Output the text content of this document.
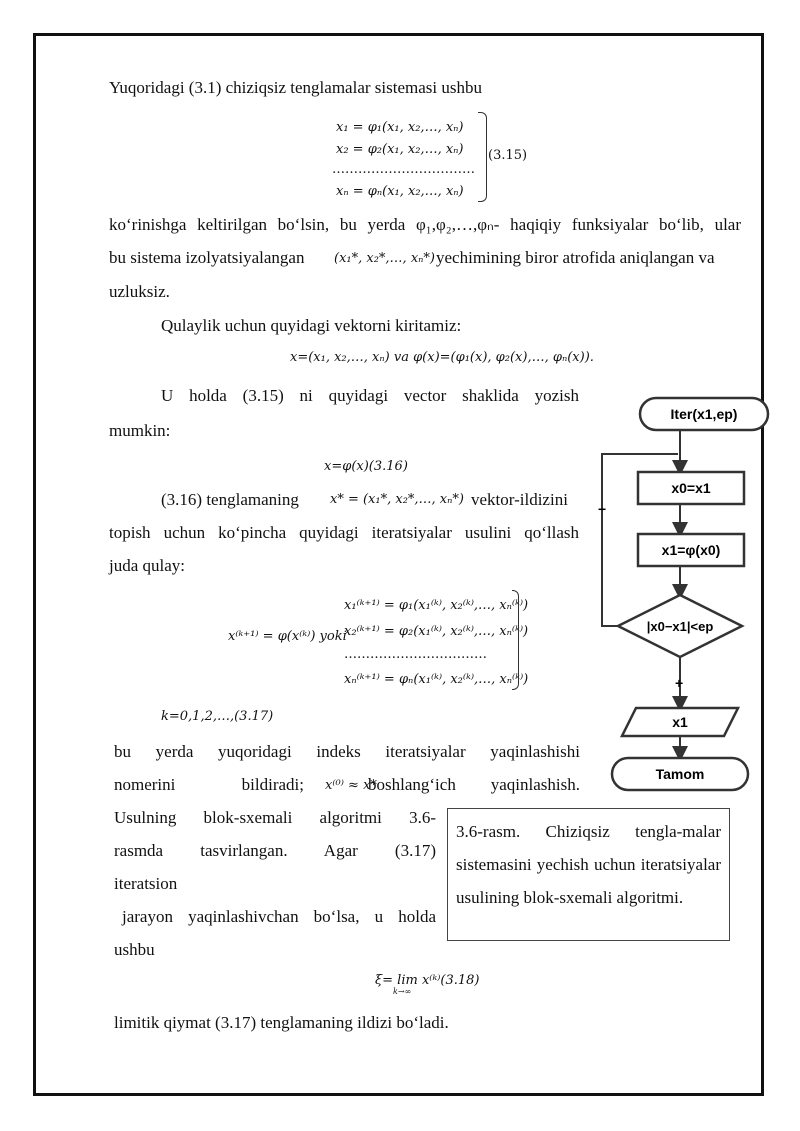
Yuqoridagi (3.1) chiziqsiz tenglamalar sistemasi ushbu
x₁ = φ₁(x₁, x₂,…, xₙ)
x₂ = φ₂(x₁, x₂,…, xₙ)
……………………………
xₙ = φₙ(x₁, x₂,…, xₙ)
(3.15)
ko‘rinishga keltirilgan bo‘lsin, bu yerda φ₁,φ₂,…,φₙ- haqiqiy funksiyalar bo‘lib, ular
bu sistema izolyatsiyalangan (x₁*, x₂*,…, xₙ*) yechimining biror atrofida aniqlangan va
uzluksiz.
Qulaylik uchun quyidagi vektorni kiritamiz:
x=(x₁, x₂,…, xₙ) va φ(x)=(φ₁(x), φ₂(x),…, φₙ(x)).
U holda (3.15) ni quyidagi vector shaklida yozish
mumkin:
x=φ(x)(3.16)
(3.16) tenglamaning x* = (x₁*, x₂*,…, xₙ*) vektor-ildizini
topish uchun ko‘pincha quyidagi iteratsiyalar usulini qo‘llash
juda qulay:
x⁽ᵏ⁺¹⁾ = φ(x⁽ᵏ⁾) yoki
x₁⁽ᵏ⁺¹⁾ = φ₁(x₁⁽ᵏ⁾, x₂⁽ᵏ⁾,…, xₙ⁽ᵏ⁾)
x₂⁽ᵏ⁺¹⁾ = φ₂(x₁⁽ᵏ⁾, x₂⁽ᵏ⁾,…, xₙ⁽ᵏ⁾)
……………………………
xₙ⁽ᵏ⁺¹⁾ = φₙ(x₁⁽ᵏ⁾, x₂⁽ᵏ⁾,…, xₙ⁽ᵏ⁾)
k=0,1,2,…,(3.17)
bu yerda yuqoridagi indeks iteratsiyalar yaqinlashishi
nomerini bildiradi; x⁽⁰⁾ ≈ x*
boshlang‘ich yaqinlashish.
Usulning blok-sxemali algoritmi 3.6-
rasmda tasvirlangan. Agar (3.17)
iteratsion
jarayon yaqinlashivchan bo‘lsa, u holda
ushbu
ξ= lim x⁽ᵏ⁾(3.18)
k→∞
limitik qiymat (3.17) tenglamaning ildizi bo‘ladi.
3.6-rasm. Chiziqsiz tengla-malar sistemasini yechish uchun iteratsiyalar usulining blok-sxemali algoritmi.
Iter(x1,ep)
x0=x1
x1=φ(x0)
|x0−x1|<ep
−
+
x1
Tamom
